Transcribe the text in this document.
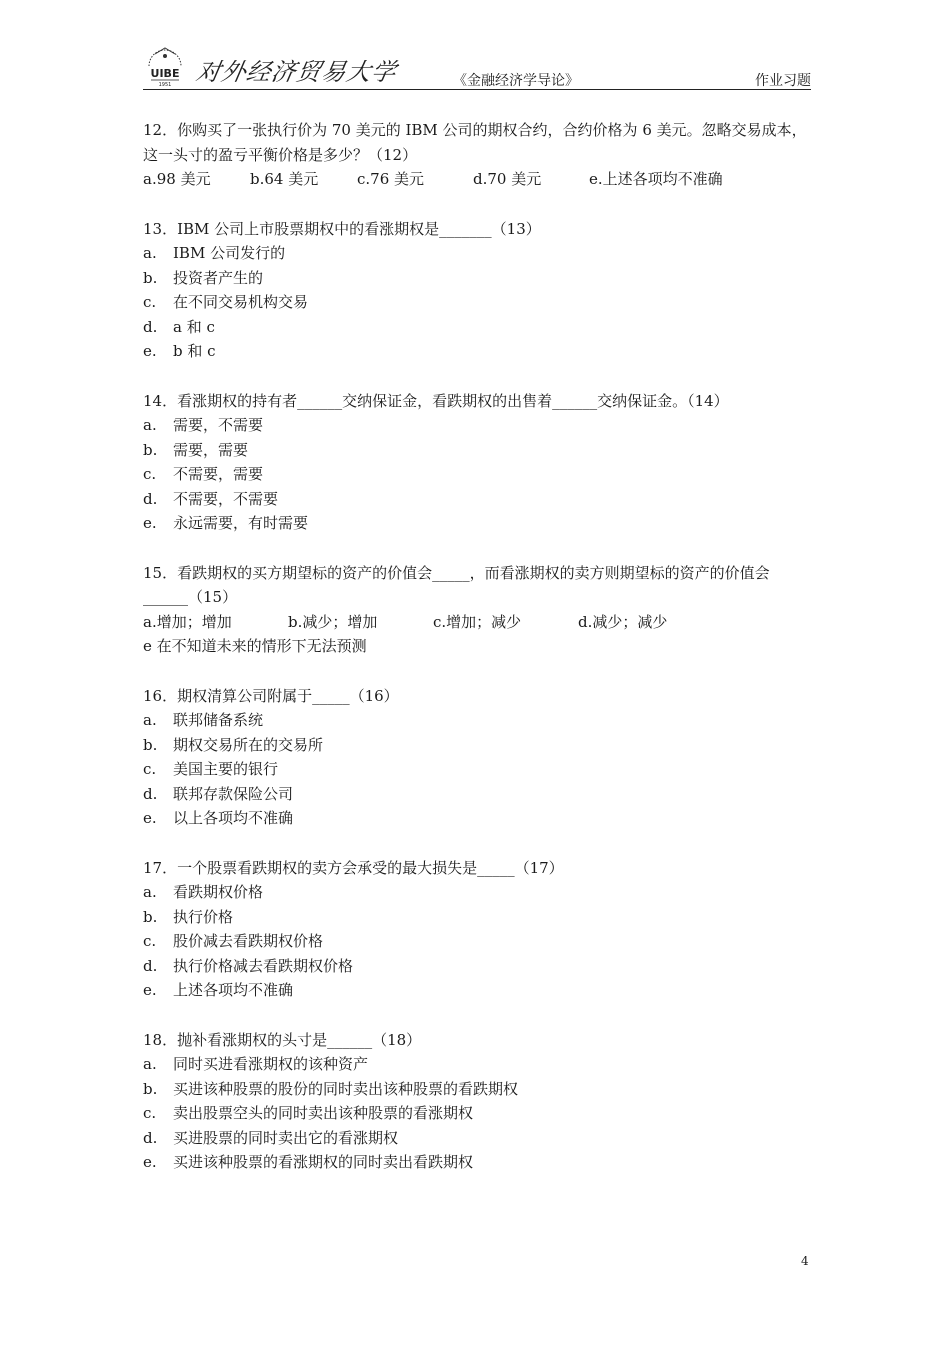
UIBE
1951 对外经济贸易大学	《金融经济学导论》	作业习题
12．你购买了一张执行价为 70 美元的 IBM 公司的期权合约，合约价格为 6 美元。忽略交易成本，这一头寸的盈亏平衡价格是多少？（12）
a.98 美元	b.64 美元	c.76 美元	d.70 美元	e.上述各项均不准确
13．IBM 公司上市股票期权中的看涨期权是_______（13）
a. IBM 公司发行的
b. 投资者产生的
c. 在不同交易机构交易
d. a 和 c
e. b 和 c
14．看涨期权的持有者______交纳保证金，看跌期权的出售着______交纳保证金。（14）
a. 需要，不需要
b. 需要，需要
c. 不需要，需要
d. 不需要，不需要
e. 永远需要，有时需要
15．看跌期权的买方期望标的资产的价值会_____，而看涨期权的卖方则期望标的资产的价值会______（15）
a.增加；增加	b.减少；增加	c.增加；减少	d.减少；减少
e 在不知道未来的情形下无法预测
16．期权清算公司附属于_____（16）
a. 联邦储备系统
b. 期权交易所在的交易所
c. 美国主要的银行
d. 联邦存款保险公司
e. 以上各项均不准确
17．一个股票看跌期权的卖方会承受的最大损失是_____（17）
a. 看跌期权价格
b. 执行价格
c. 股价减去看跌期权价格
d. 执行价格减去看跌期权价格
e. 上述各项均不准确
18．抛补看涨期权的头寸是______（18）
a. 同时买进看涨期权的该种资产
b. 买进该种股票的股份的同时卖出该种股票的看跌期权
c. 卖出股票空头的同时卖出该种股票的看涨期权
d. 买进股票的同时卖出它的看涨期权
e. 买进该种股票的看涨期权的同时卖出看跌期权
4
